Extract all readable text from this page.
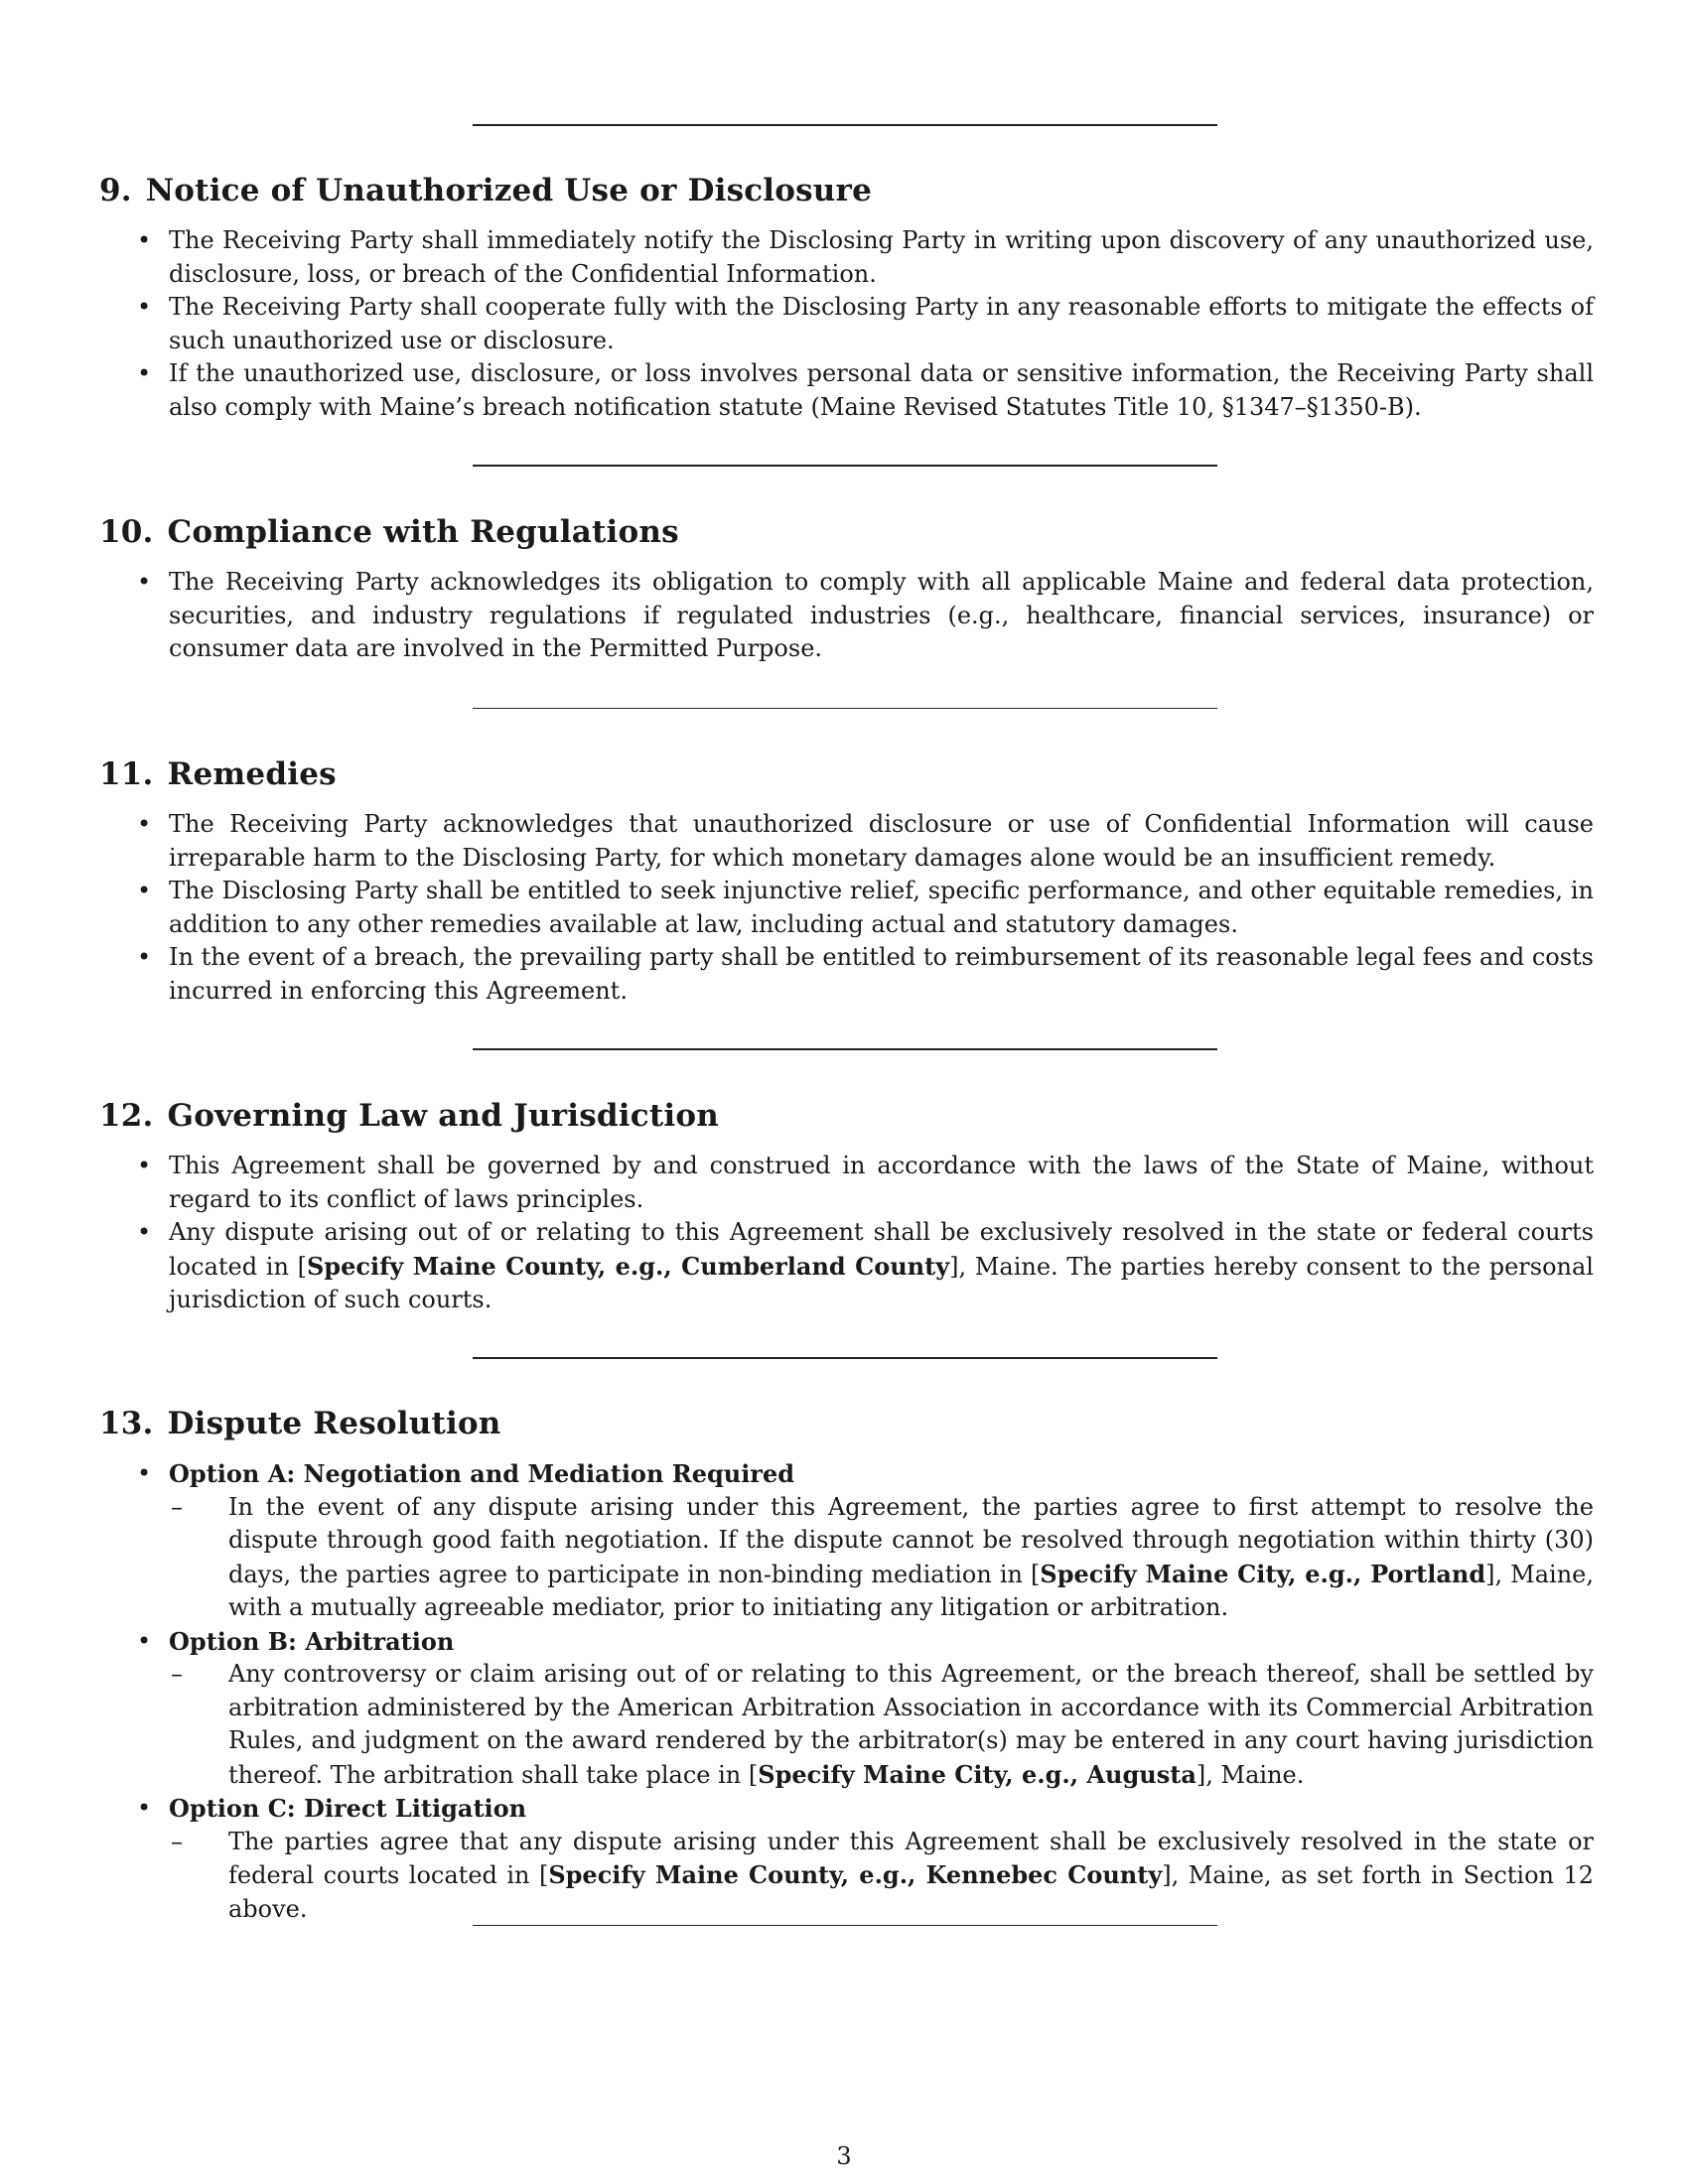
9. Notice of Unauthorized Use or Disclosure
• The Receiving Party shall immediately notify the Disclosing Party in writing upon discovery of any unauthorized use, disclosure, loss, or breach of the Confidential Information.
• The Receiving Party shall cooperate fully with the Disclosing Party in any reasonable efforts to mitigate the effects of such unauthorized use or disclosure.
• If the unauthorized use, disclosure, or loss involves personal data or sensitive information, the Receiving Party shall also comply with Maine’s breach notification statute (Maine Revised Statutes Title 10, §1347–§1350-B).
10. Compliance with Regulations
• The Receiving Party acknowledges its obligation to comply with all applicable Maine and federal data protection, securities, and industry regulations if regulated industries (e.g., healthcare, financial services, insurance) or consumer data are involved in the Permitted Purpose.
11. Remedies
• The Receiving Party acknowledges that unauthorized disclosure or use of Confidential Information will cause irreparable harm to the Disclosing Party, for which monetary damages alone would be an insufficient remedy.
• The Disclosing Party shall be entitled to seek injunctive relief, specific performance, and other equitable remedies, in addition to any other remedies available at law, including actual and statutory damages.
• In the event of a breach, the prevailing party shall be entitled to reimbursement of its reasonable legal fees and costs incurred in enforcing this Agreement.
12. Governing Law and Jurisdiction
• This Agreement shall be governed by and construed in accordance with the laws of the State of Maine, without regard to its conflict of laws principles.
• Any dispute arising out of or relating to this Agreement shall be exclusively resolved in the state or federal courts located in [Specify Maine County, e.g., Cumberland County], Maine. The parties hereby consent to the personal jurisdiction of such courts.
13. Dispute Resolution
• Option A: Negotiation and Mediation Required
– In the event of any dispute arising under this Agreement, the parties agree to first attempt to resolve the dispute through good faith negotiation. If the dispute cannot be resolved through negotiation within thirty (30) days, the parties agree to participate in non-binding mediation in [Specify Maine City, e.g., Portland], Maine, with a mutually agreeable mediator, prior to initiating any litigation or arbitration.
• Option B: Arbitration
– Any controversy or claim arising out of or relating to this Agreement, or the breach thereof, shall be settled by arbitration administered by the American Arbitration Association in accordance with its Commercial Arbitration Rules, and judgment on the award rendered by the arbitrator(s) may be entered in any court having jurisdiction thereof. The arbitration shall take place in [Specify Maine City, e.g., Augusta], Maine.
• Option C: Direct Litigation
– The parties agree that any dispute arising under this Agreement shall be exclusively resolved in the state or federal courts located in [Specify Maine County, e.g., Kennebec County], Maine, as set forth in Section 12 above.
3
